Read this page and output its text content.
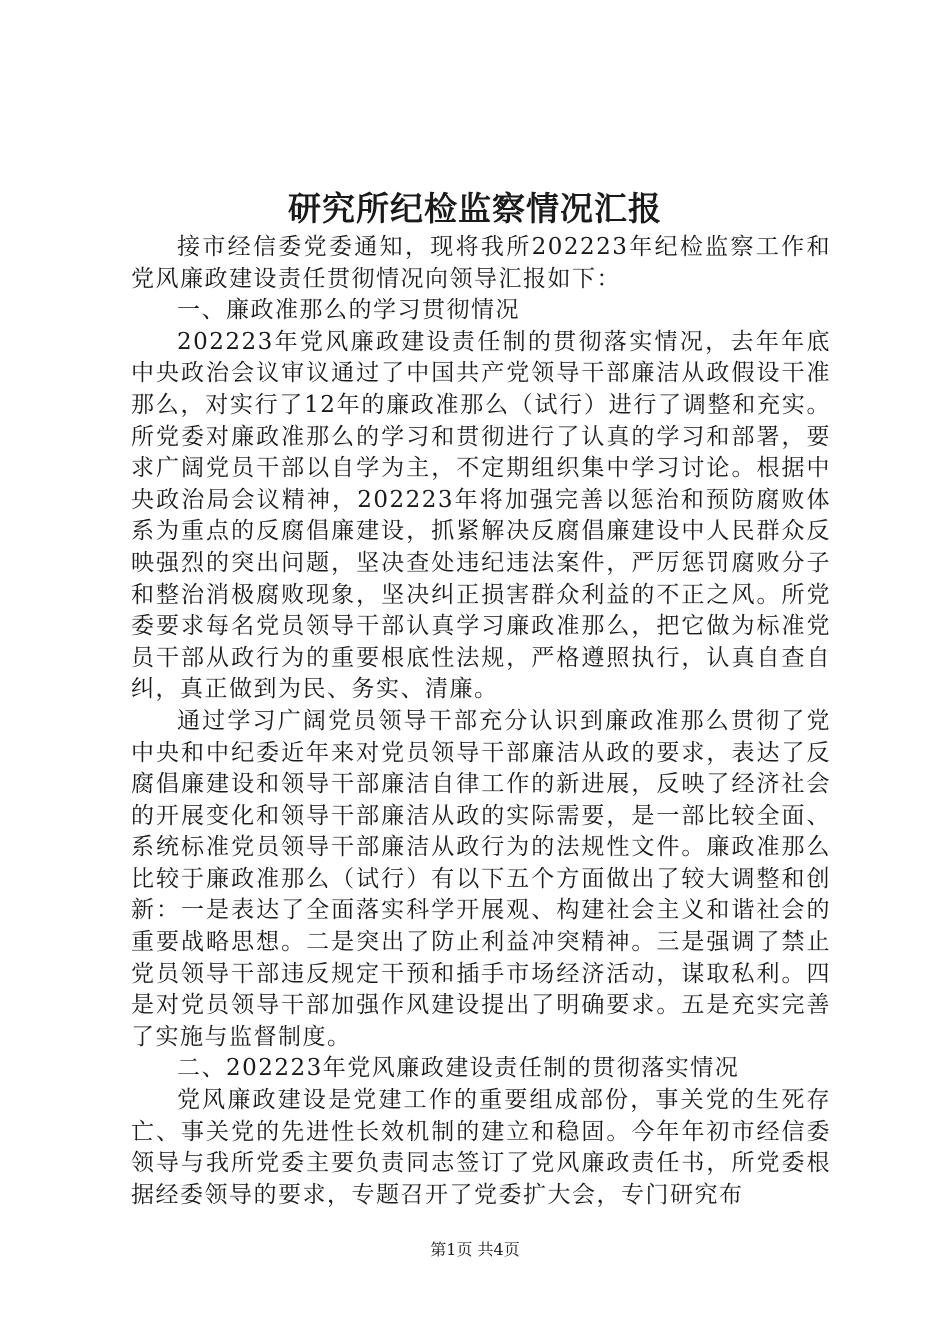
研究所纪检监察情况汇报

接市经信委党委通知，现将我所202223年纪检监察工作和党风廉政建设责任贯彻情况向领导汇报如下：

一、廉政准那么的学习贯彻情况

202223年党风廉政建设责任制的贯彻落实情况，去年年底中央政治会议审议通过了中国共产党领导干部廉洁从政假设干准那么，对实行了12年的廉政准那么（试行）进行了调整和充实。所党委对廉政准那么的学习和贯彻进行了认真的学习和部署，要求广阔党员干部以自学为主，不定期组织集中学习讨论。根据中央政治局会议精神，202223年将加强完善以惩治和预防腐败体系为重点的反腐倡廉建设，抓紧解决反腐倡廉建设中人民群众反映强烈的突出问题，坚决查处违纪违法案件，严厉惩罚腐败分子和整治消极腐败现象，坚决纠正损害群众利益的不正之风。所党委要求每名党员领导干部认真学习廉政准那么，把它做为标准党员干部从政行为的重要根底性法规，严格遵照执行，认真自查自纠，真正做到为民、务实、清廉。

通过学习广阔党员领导干部充分认识到廉政准那么贯彻了党中央和中纪委近年来对党员领导干部廉洁从政的要求，表达了反腐倡廉建设和领导干部廉洁自律工作的新进展，反映了经济社会的开展变化和领导干部廉洁从政的实际需要，是一部比较全面、系统标准党员领导干部廉洁从政行为的法规性文件。廉政准那么比较于廉政准那么（试行）有以下五个方面做出了较大调整和创新：一是表达了全面落实科学开展观、构建社会主义和谐社会的重要战略思想。二是突出了防止利益冲突精神。三是强调了禁止党员领导干部违反规定干预和插手市场经济活动，谋取私利。四是对党员领导干部加强作风建设提出了明确要求。五是充实完善了实施与监督制度。

二、202223年党风廉政建设责任制的贯彻落实情况

党风廉政建设是党建工作的重要组成部份，事关党的生死存亡、事关党的先进性长效机制的建立和稳固。今年年初市经信委领导与我所党委主要负责同志签订了党风廉政责任书，所党委根据经委领导的要求，专题召开了党委扩大会，专门研究布

第1页 共4页
